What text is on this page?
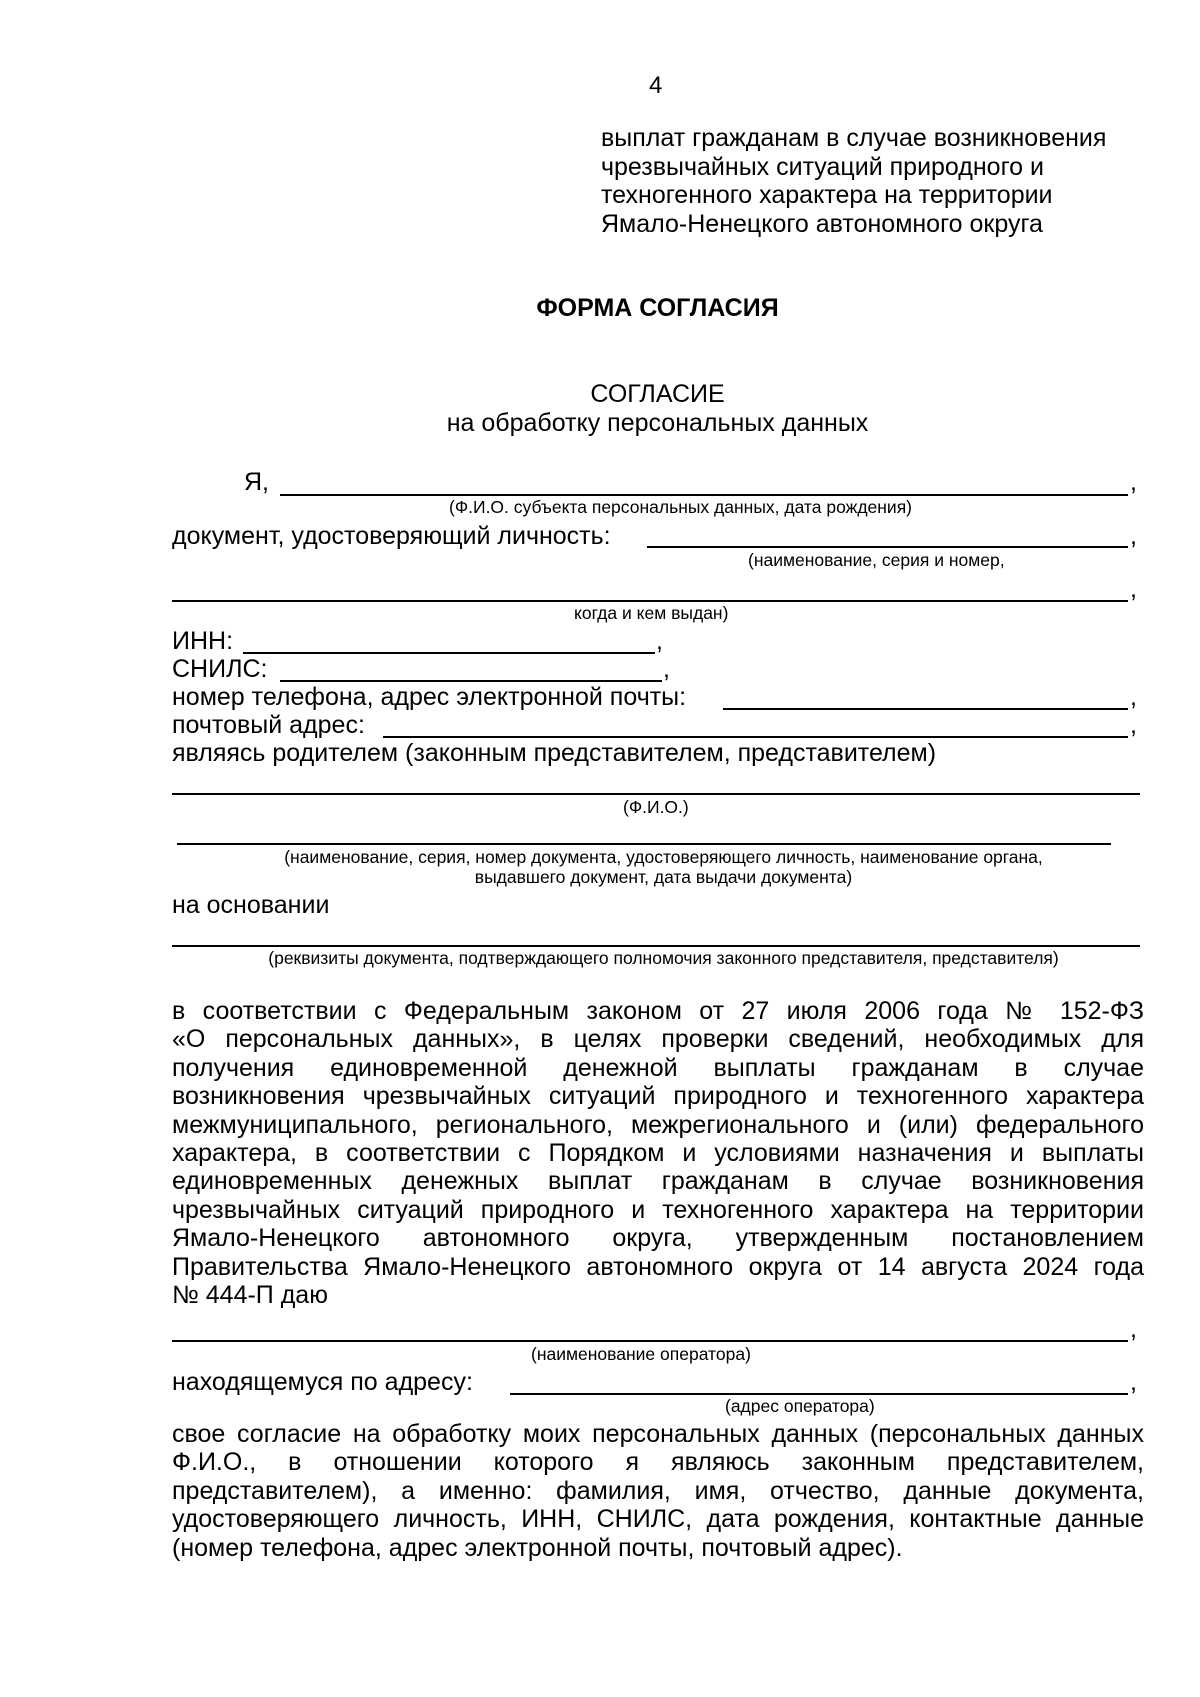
4
выплат гражданам в случае возникновения
чрезвычайных ситуаций природного и
техногенного характера на территории
Ямало-Ненецкого автономного округа
ФОРМА СОГЛАСИЯ
СОГЛАСИЕ
на обработку персональных данных
Я,	,
(Ф.И.О. субъекта персональных данных, дата рождения)
документ, удостоверяющий личность:	,
(наименование, серия и номер,
,
когда и кем выдан)
ИНН:	,
СНИЛС:	,
номер телефона, адрес электронной почты:	,
почтовый адрес:	,
являясь родителем (законным представителем, представителем)
(Ф.И.О.)
(наименование, серия, номер документа, удостоверяющего личность, наименование органа,
выдавшего документ, дата выдачи документа)
на основании
(реквизиты документа, подтверждающего полномочия законного представителя, представителя)
в соответствии с Федеральным законом от 27 июля 2006 года № 152-ФЗ
«О персональных данных», в целях проверки сведений, необходимых для
получения единовременной денежной выплаты гражданам в случае
возникновения чрезвычайных ситуаций природного и техногенного характера
межмуниципального, регионального, межрегионального и (или) федерального
характера, в соответствии с Порядком и условиями назначения и выплаты
единовременных денежных выплат гражданам в случае возникновения
чрезвычайных ситуаций природного и техногенного характера на территории
Ямало-Ненецкого автономного округа, утвержденным постановлением
Правительства Ямало-Ненецкого автономного округа от 14 августа 2024 года
№ 444-П даю
,
(наименование оператора)
находящемуся по адресу:	,
(адрес оператора)
свое согласие на обработку моих персональных данных (персональных данных
Ф.И.О., в отношении которого я являюсь законным представителем,
представителем), а именно: фамилия, имя, отчество, данные документа,
удостоверяющего личность, ИНН, СНИЛС, дата рождения, контактные данные
(номер телефона, адрес электронной почты, почтовый адрес).
